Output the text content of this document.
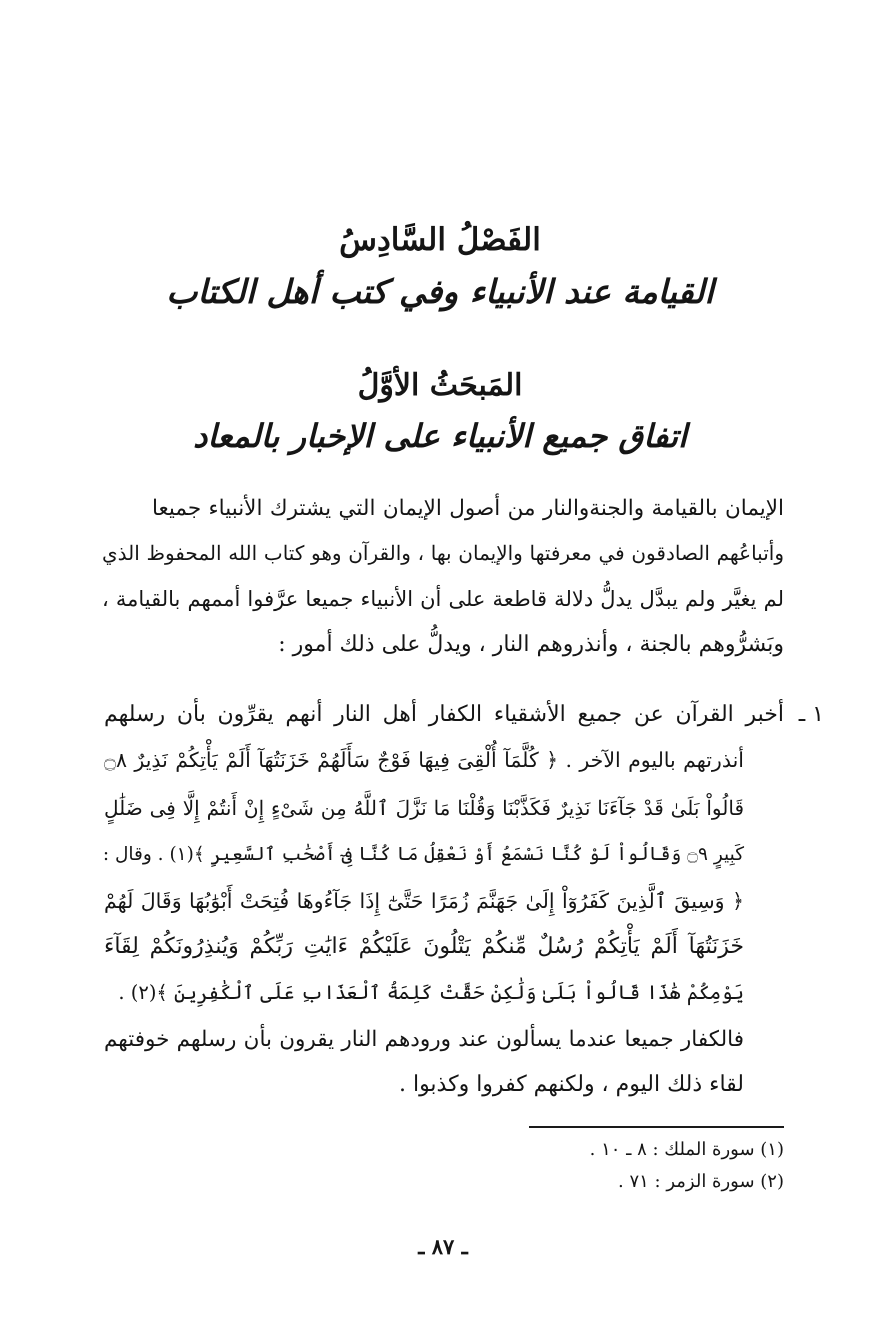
الفَصْلُ السَّادِسُ
القيامة عند الأنبياء وفي كتب أهل الكتاب
المَبحَثُ الأوَّلُ
اتفاق جميع الأنبياء على الإخبار بالمعاد

الإيمان بالقيامة والجنةوالنار من أصول الإيمان التي يشترك الأنبياء جميعا

وأتباعُهم الصادقون في معرفتها والإيمان بها ، والقرآن وهو كتاب الله المحفوظ الذي

لم يغيَّر ولم يبدَّل يدلُّ دلالة قاطعة على أن الأنبياء جميعا عرَّفوا أممهم بالقيامة ،

وبَشرُّوهم بالجنة ، وأنذروهم النار ، ويدلُّ على ذلك أمور :

١ ـ

أخبر القرآن عن جميع الأشقياء الكفار أهل النار أنهم يقرِّون بأن رسلهم

أنذرتهم باليوم الآخر . ﴿ كُلَّمَآ أُلْقِىَ فِيهَا فَوْجٌ سَأَلَهُمْ خَزَنَتُهَآ أَلَمْ يَأْتِكُمْ نَذِيرٌ ۝٨

قَالُواْ بَلَىٰ قَدْ جَآءَنَا نَذِيرٌ فَكَذَّبْنَا وَقُلْنَا مَا نَزَّلَ ٱللَّهُ مِن شَىْءٍ إِنْ أَنتُمْ إِلَّا فِى ضَلَٰلٍ

كَبِيرٍ ۝٩ وَقَالُواْ لَوْ كُنَّا نَسْمَعُ أَوْ نَعْقِلُ مَا كُنَّا فِىٓ أَصْحَٰبِ ٱلسَّعِيرِ ﴾(١) . وقال :

﴿ وَسِيقَ ٱلَّذِينَ كَفَرُوٓاْ إِلَىٰ جَهَنَّمَ زُمَرًا حَتَّىٰٓ إِذَا جَآءُوهَا فُتِحَتْ أَبْوَٰبُهَا وَقَالَ لَهُمْ

خَزَنَتُهَآ أَلَمْ يَأْتِكُمْ رُسُلٌ مِّنكُمْ يَتْلُونَ عَلَيْكُمْ ءَايَٰتِ رَبِّكُمْ وَيُنذِرُونَكُمْ لِقَآءَ

يَوْمِكُمْ هَٰذَا قَالُواْ بَلَىٰ وَلَٰكِنْ حَقَّتْ كَلِمَةُ ٱلْعَذَابِ عَلَى ٱلْكَٰفِرِينَ ﴾(٢) .

فالكفار جميعا عندما يسألون عند ورودهم النار يقرون بأن رسلهم خوفتهم

لقاء ذلك اليوم ، ولكنهم كفروا وكذبوا .

(١) سورة الملك : ٨ ـ ١٠ .

(٢) سورة الزمر : ٧١ .

ـ ٨٧ ـ
